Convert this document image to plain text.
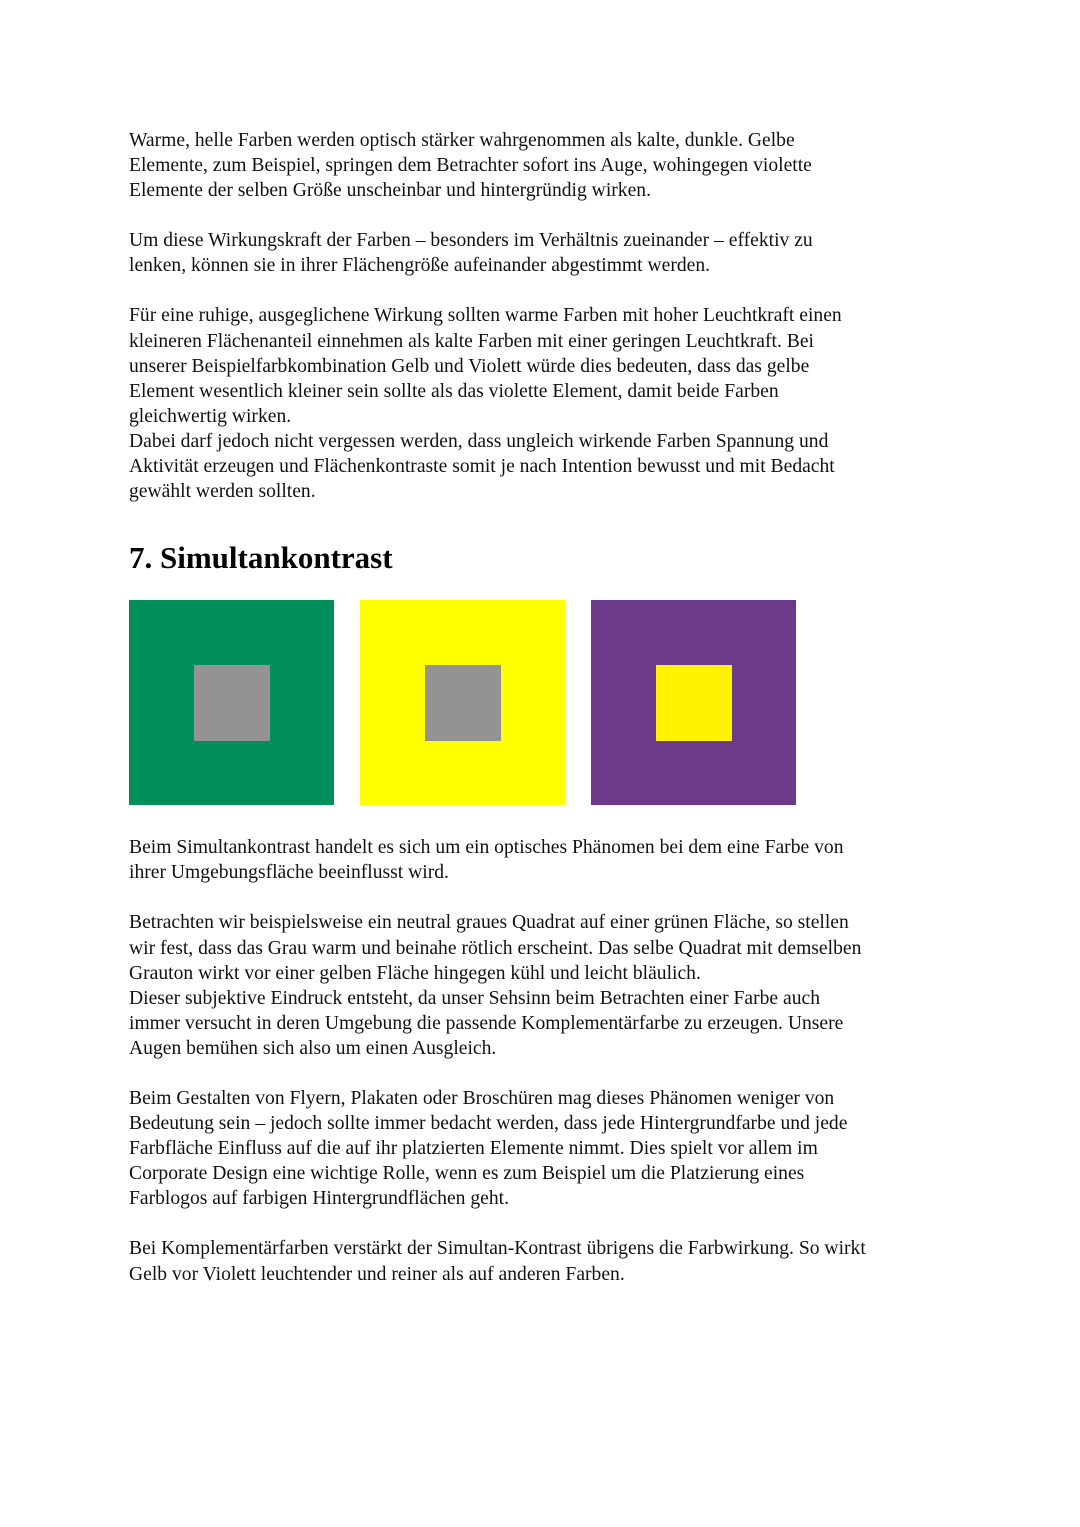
Warme, helle Farben werden optisch stärker wahrgenommen als kalte, dunkle. Gelbe
Elemente, zum Beispiel, springen dem Betrachter sofort ins Auge, wohingegen violette
Elemente der selben Größe unscheinbar und hintergründig wirken.

Um diese Wirkungskraft der Farben – besonders im Verhältnis zueinander – effektiv zu
lenken, können sie in ihrer Flächengröße aufeinander abgestimmt werden.

Für eine ruhige, ausgeglichene Wirkung sollten warme Farben mit hoher Leuchtkraft einen
kleineren Flächenanteil einnehmen als kalte Farben mit einer geringen Leuchtkraft. Bei
unserer Beispielfarbkombination Gelb und Violett würde dies bedeuten, dass das gelbe
Element wesentlich kleiner sein sollte als das violette Element, damit beide Farben
gleichwertig wirken.
Dabei darf jedoch nicht vergessen werden, dass ungleich wirkende Farben Spannung und
Aktivität erzeugen und Flächenkontraste somit je nach Intention bewusst und mit Bedacht
gewählt werden sollten.

7. Simultankontrast

Beim Simultankontrast handelt es sich um ein optisches Phänomen bei dem eine Farbe von
ihrer Umgebungsfläche beeinflusst wird.

Betrachten wir beispielsweise ein neutral graues Quadrat auf einer grünen Fläche, so stellen
wir fest, dass das Grau warm und beinahe rötlich erscheint. Das selbe Quadrat mit demselben
Grauton wirkt vor einer gelben Fläche hingegen kühl und leicht bläulich.
Dieser subjektive Eindruck entsteht, da unser Sehsinn beim Betrachten einer Farbe auch
immer versucht in deren Umgebung die passende Komplementärfarbe zu erzeugen. Unsere
Augen bemühen sich also um einen Ausgleich.

Beim Gestalten von Flyern, Plakaten oder Broschüren mag dieses Phänomen weniger von
Bedeutung sein – jedoch sollte immer bedacht werden, dass jede Hintergrundfarbe und jede
Farbfläche Einfluss auf die auf ihr platzierten Elemente nimmt. Dies spielt vor allem im
Corporate Design eine wichtige Rolle, wenn es zum Beispiel um die Platzierung eines
Farblogos auf farbigen Hintergrundflächen geht.

Bei Komplementärfarben verstärkt der Simultan-Kontrast übrigens die Farbwirkung. So wirkt
Gelb vor Violett leuchtender und reiner als auf anderen Farben.
